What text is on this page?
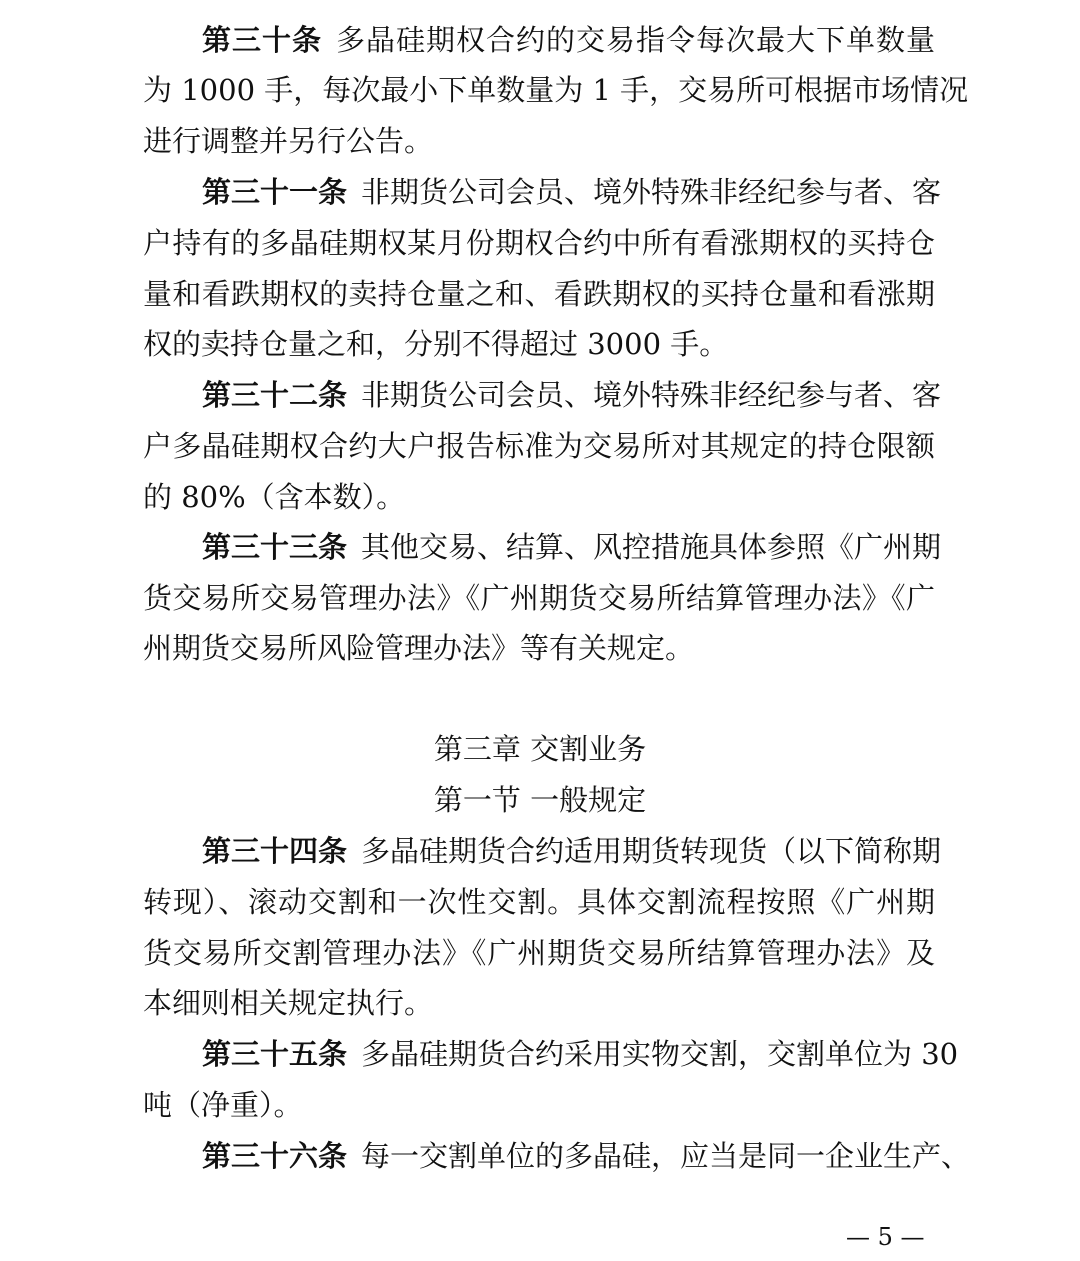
第三十条 多晶硅期权合约的交易指令每次最大下单数量
为 1000 手，每次最小下单数量为 1 手，交易所可根据市场情况
进行调整并另行公告。
第三十一条 非期货公司会员、境外特殊非经纪参与者、客
户持有的多晶硅期权某月份期权合约中所有看涨期权的买持仓
量和看跌期权的卖持仓量之和、看跌期权的买持仓量和看涨期
权的卖持仓量之和，分别不得超过 3000 手。
第三十二条 非期货公司会员、境外特殊非经纪参与者、客
户多晶硅期权合约大户报告标准为交易所对其规定的持仓限额
的 80%（含本数）。
第三十三条 其他交易、结算、风控措施具体参照《广州期
货交易所交易管理办法》《广州期货交易所结算管理办法》《广
州期货交易所风险管理办法》等有关规定。
第三章 交割业务
第一节 一般规定
第三十四条 多晶硅期货合约适用期货转现货（以下简称期
转现）、滚动交割和一次性交割。具体交割流程按照《广州期
货交易所交割管理办法》《广州期货交易所结算管理办法》及
本细则相关规定执行。
第三十五条 多晶硅期货合约采用实物交割，交割单位为 30
吨（净重）。
第三十六条 每一交割单位的多晶硅，应当是同一企业生产、
— 5 —
